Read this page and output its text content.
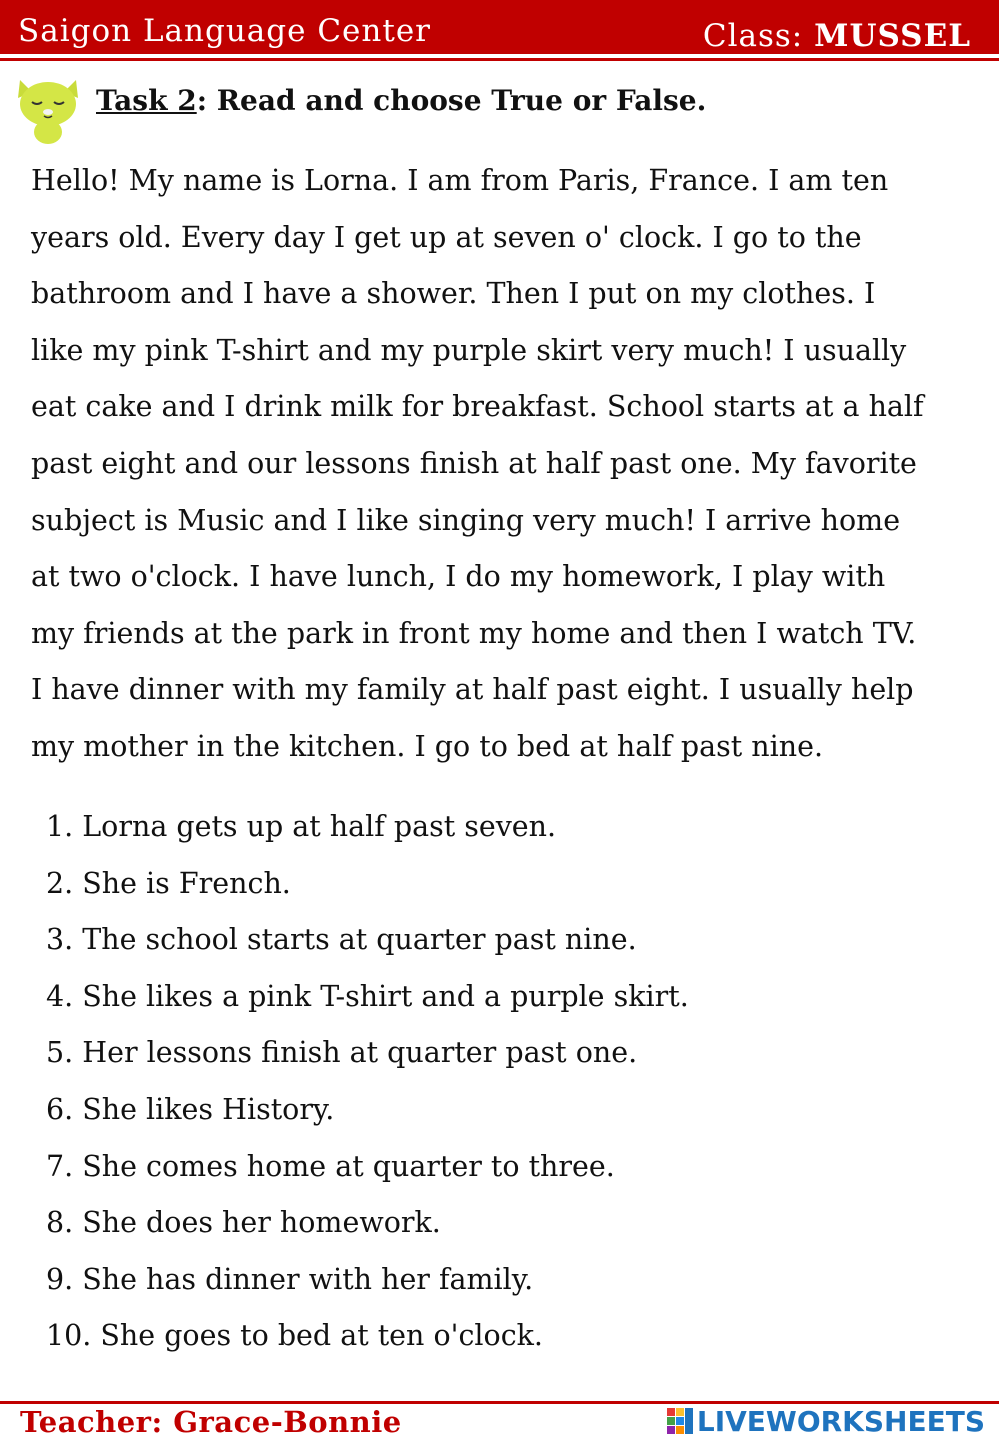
Saigon Language Center	Class: MUSSEL
Task 2: Read and choose True or False.
Hello! My name is Lorna. I am from Paris, France. I am ten
years old. Every day I get up at seven o' clock. I go to the
bathroom and I have a shower. Then I put on my clothes. I
like my pink T-shirt and my purple skirt very much! I usually
eat cake and I drink milk for breakfast. School starts at a half
past eight and our lessons finish at half past one. My favorite
subject is Music and I like singing very much! I arrive home
at two o'clock. I have lunch, I do my homework, I play with
my friends at the park in front my home and then I watch TV.
I have dinner with my family at half past eight. I usually help
my mother in the kitchen. I go to bed at half past nine.
1. Lorna gets up at half past seven.
2. She is French.
3. The school starts at quarter past nine.
4. She likes a pink T-shirt and a purple skirt.
5. Her lessons finish at quarter past one.
6. She likes History.
7. She comes home at quarter to three.
8. She does her homework.
9. She has dinner with her family.
10. She goes to bed at ten o'clock.
Teacher: Grace-Bonnie	LIVEWORKSHEETS
